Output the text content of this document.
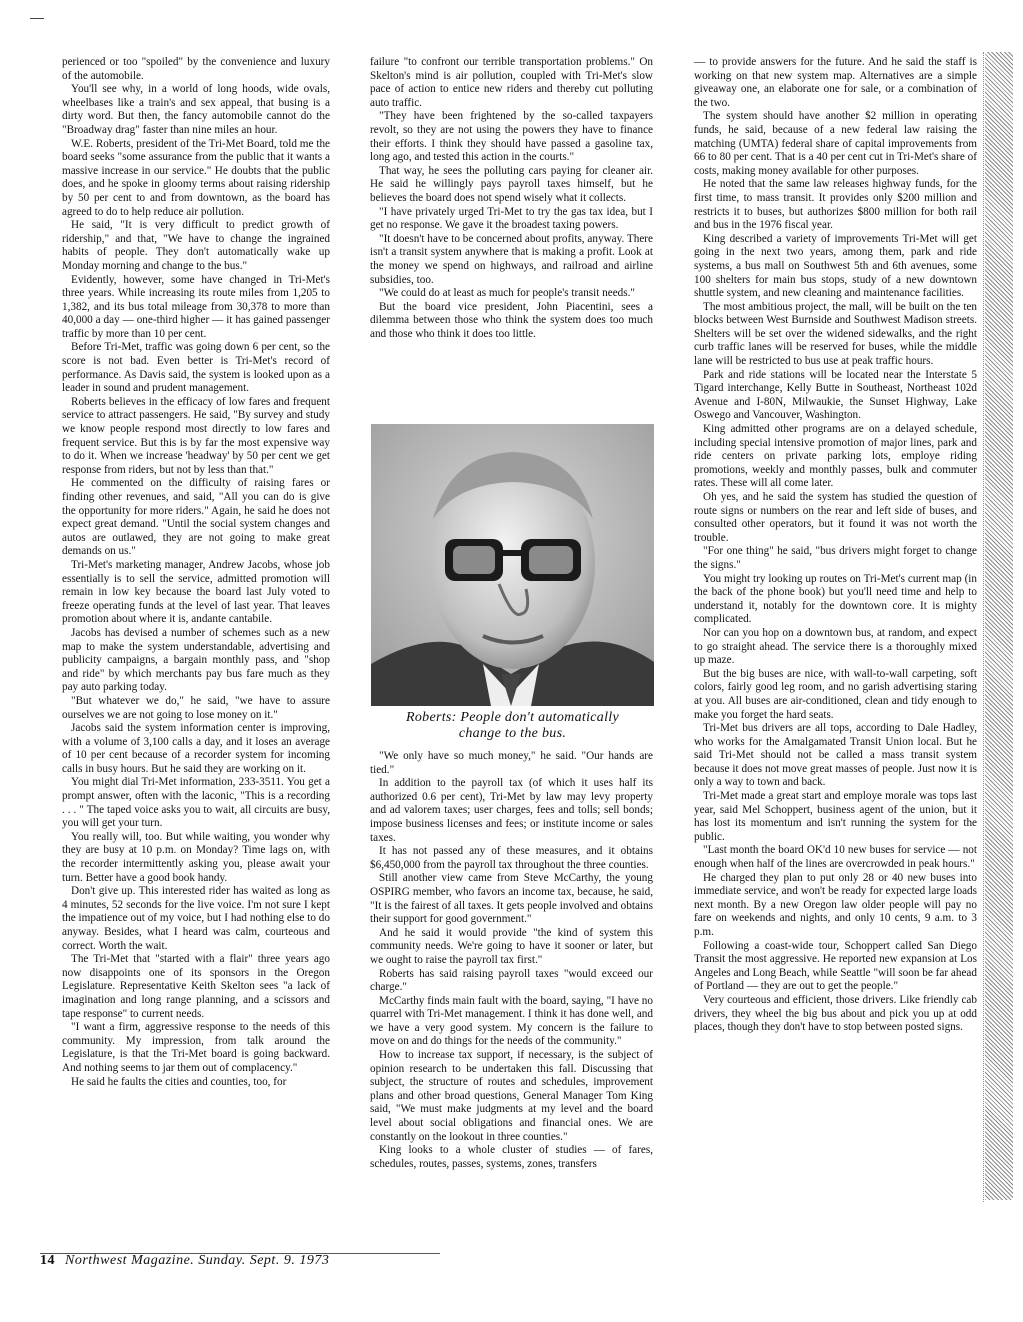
perienced or too "spoiled" by the convenience and luxury of the automobile.

You'll see why, in a world of long hoods, wide ovals, wheelbases like a train's and sex appeal, that busing is a dirty word. But then, the fancy automobile cannot do the "Broadway drag" faster than nine miles an hour.

W.E. Roberts, president of the Tri-Met Board, told me the board seeks "some assurance from the public that it wants a massive increase in our service." He doubts that the public does, and he spoke in gloomy terms about raising ridership by 50 per cent to and from downtown, as the board has agreed to do to help reduce air pollution.

He said, "It is very difficult to predict growth of ridership," and that, "We have to change the ingrained habits of people. They don't automatically wake up Monday morning and change to the bus."

Evidently, however, some have changed in Tri-Met's three years. While increasing its route miles from 1,205 to 1,382, and its bus total mileage from 30,378 to more than 40,000 a day — one-third higher — it has gained passenger traffic by more than 10 per cent.

Before Tri-Met, traffic was going down 6 per cent, so the score is not bad. Even better is Tri-Met's record of performance. As Davis said, the system is looked upon as a leader in sound and prudent management.

Roberts believes in the efficacy of low fares and frequent service to attract passengers. He said, "By survey and study we know people respond most directly to low fares and frequent service. But this is by far the most expensive way to do it. When we increase 'headway' by 50 per cent we get response from riders, but not by less than that."

He commented on the difficulty of raising fares or finding other revenues, and said, "All you can do is give the opportunity for more riders." Again, he said he does not expect great demand. "Until the social system changes and autos are outlawed, they are not going to make great demands on us."

Tri-Met's marketing manager, Andrew Jacobs, whose job essentially is to sell the service, admitted promotion will remain in low key because the board last July voted to freeze operating funds at the level of last year. That leaves promotion about where it is, andante cantabile.

Jacobs has devised a number of schemes such as a new map to make the system understandable, advertising and publicity campaigns, a bargain monthly pass, and "shop and ride" by which merchants pay bus fare much as they pay auto parking today.

"But whatever we do," he said, "we have to assure ourselves we are not going to lose money on it."

Jacobs said the system information center is improving, with a volume of 3,100 calls a day, and it loses an average of 10 per cent because of a recorder system for incoming calls in busy hours. But he said they are working on it.

You might dial Tri-Met information, 233-3511. You get a prompt answer, often with the laconic, "This is a recording . . . " The taped voice asks you to wait, all circuits are busy, you will get your turn.

You really will, too. But while waiting, you wonder why they are busy at 10 p.m. on Monday? Time lags on, with the recorder intermittently asking you, please await your turn. Better have a good book handy.

Don't give up. This interested rider has waited as long as 4 minutes, 52 seconds for the live voice. I'm not sure I kept the impatience out of my voice, but I had nothing else to do anyway. Besides, what I heard was calm, courteous and correct. Worth the wait.

The Tri-Met that "started with a flair" three years ago now disappoints one of its sponsors in the Oregon Legislature. Representative Keith Skelton sees "a lack of imagination and long range planning, and a scissors and tape response" to current needs.

"I want a firm, aggressive response to the needs of this community. My impression, from talk around the Legislature, is that the Tri-Met board is going backward. And nothing seems to jar them out of complacency."

He said he faults the cities and counties, too, for

failure "to confront our terrible transportation problems." On Skelton's mind is air pollution, coupled with Tri-Met's slow pace of action to entice new riders and thereby cut polluting auto traffic.

"They have been frightened by the so-called taxpayers revolt, so they are not using the powers they have to finance their efforts. I think they should have passed a gasoline tax, long ago, and tested this action in the courts."

That way, he sees the polluting cars paying for cleaner air. He said he willingly pays payroll taxes himself, but he believes the board does not spend wisely what it collects.

"I have privately urged Tri-Met to try the gas tax idea, but I get no response. We gave it the broadest taxing powers.

"It doesn't have to be concerned about profits, anyway. There isn't a transit system anywhere that is making a profit. Look at the money we spend on highways, and railroad and airline subsidies, too.

"We could do at least as much for people's transit needs."

But the board vice president, John Piacentini, sees a dilemma between those who think the system does too much and those who think it does too little.

Roberts: People don't automatically
change to the bus.

"We only have so much money," he said. "Our hands are tied."

In addition to the payroll tax (of which it uses half its authorized 0.6 per cent), Tri-Met by law may levy property and ad valorem taxes; user charges, fees and tolls; sell bonds; impose business licenses and fees; or institute income or sales taxes.

It has not passed any of these measures, and it obtains $6,450,000 from the payroll tax throughout the three counties.

Still another view came from Steve McCarthy, the young OSPIRG member, who favors an income tax, because, he said, "It is the fairest of all taxes. It gets people involved and obtains their support for good government."

And he said it would provide "the kind of system this community needs. We're going to have it sooner or later, but we ought to raise the payroll tax first."

Roberts has said raising payroll taxes "would exceed our charge."

McCarthy finds main fault with the board, saying, "I have no quarrel with Tri-Met management. I think it has done well, and we have a very good system. My concern is the failure to move on and do things for the needs of the community."

How to increase tax support, if necessary, is the subject of opinion research to be undertaken this fall. Discussing that subject, the structure of routes and schedules, improvement plans and other broad questions, General Manager Tom King said, "We must make judgments at my level and the board level about social obligations and financial ones. We are constantly on the lookout in three counties."

King looks to a whole cluster of studies — of fares, schedules, routes, passes, systems, zones, transfers

— to provide answers for the future. And he said the staff is working on that new system map. Alternatives are a simple giveaway one, an elaborate one for sale, or a combination of the two.

The system should have another $2 million in operating funds, he said, because of a new federal law raising the matching (UMTA) federal share of capital improvements from 66 to 80 per cent. That is a 40 per cent cut in Tri-Met's share of costs, making money available for other purposes.

He noted that the same law releases highway funds, for the first time, to mass transit. It provides only $200 million and restricts it to buses, but authorizes $800 million for both rail and bus in the 1976 fiscal year.

King described a variety of improvements Tri-Met will get going in the next two years, among them, park and ride systems, a bus mall on Southwest 5th and 6th avenues, some 100 shelters for main bus stops, study of a new downtown shuttle system, and new cleaning and maintenance facilities.

The most ambitious project, the mall, will be built on the ten blocks between West Burnside and Southwest Madison streets. Shelters will be set over the widened sidewalks, and the right curb traffic lanes will be reserved for buses, while the middle lane will be restricted to bus use at peak traffic hours.

Park and ride stations will be located near the Interstate 5 Tigard interchange, Kelly Butte in Southeast, Northeast 102d Avenue and I-80N, Milwaukie, the Sunset Highway, Lake Oswego and Vancouver, Washington.

King admitted other programs are on a delayed schedule, including special intensive promotion of major lines, park and ride centers on private parking lots, employe riding promotions, weekly and monthly passes, bulk and commuter rates. These will all come later.

Oh yes, and he said the system has studied the question of route signs or numbers on the rear and left side of buses, and consulted other operators, but it found it was not worth the trouble.

"For one thing" he said, "bus drivers might forget to change the signs."

You might try looking up routes on Tri-Met's current map (in the back of the phone book) but you'll need time and help to understand it, notably for the downtown core. It is mighty complicated.

Nor can you hop on a downtown bus, at random, and expect to go straight ahead. The service there is a thoroughly mixed up maze.

But the big buses are nice, with wall-to-wall carpeting, soft colors, fairly good leg room, and no garish advertising staring at you. All buses are air-conditioned, clean and tidy enough to make you forget the hard seats.

Tri-Met bus drivers are all tops, according to Dale Hadley, who works for the Amalgamated Transit Union local. But he said Tri-Met should not be called a mass transit system because it does not move great masses of people. Just now it is only a way to town and back.

Tri-Met made a great start and employe morale was tops last year, said Mel Schoppert, business agent of the union, but it has lost its momentum and isn't running the system for the public.

"Last month the board OK'd 10 new buses for service — not enough when half of the lines are overcrowded in peak hours."

He charged they plan to put only 28 or 40 new buses into immediate service, and won't be ready for expected large loads next month. By a new Oregon law older people will pay no fare on weekends and nights, and only 10 cents, 9 a.m. to 3 p.m.

Following a coast-wide tour, Schoppert called San Diego Transit the most aggressive. He reported new expansion at Los Angeles and Long Beach, while Seattle "will soon be far ahead of Portland — they are out to get the people."

Very courteous and efficient, those drivers. Like friendly cab drivers, they wheel the big bus about and pick you up at odd places, though they don't have to stop between posted signs.

14 Northwest Magazine. Sunday. Sept. 9. 1973
